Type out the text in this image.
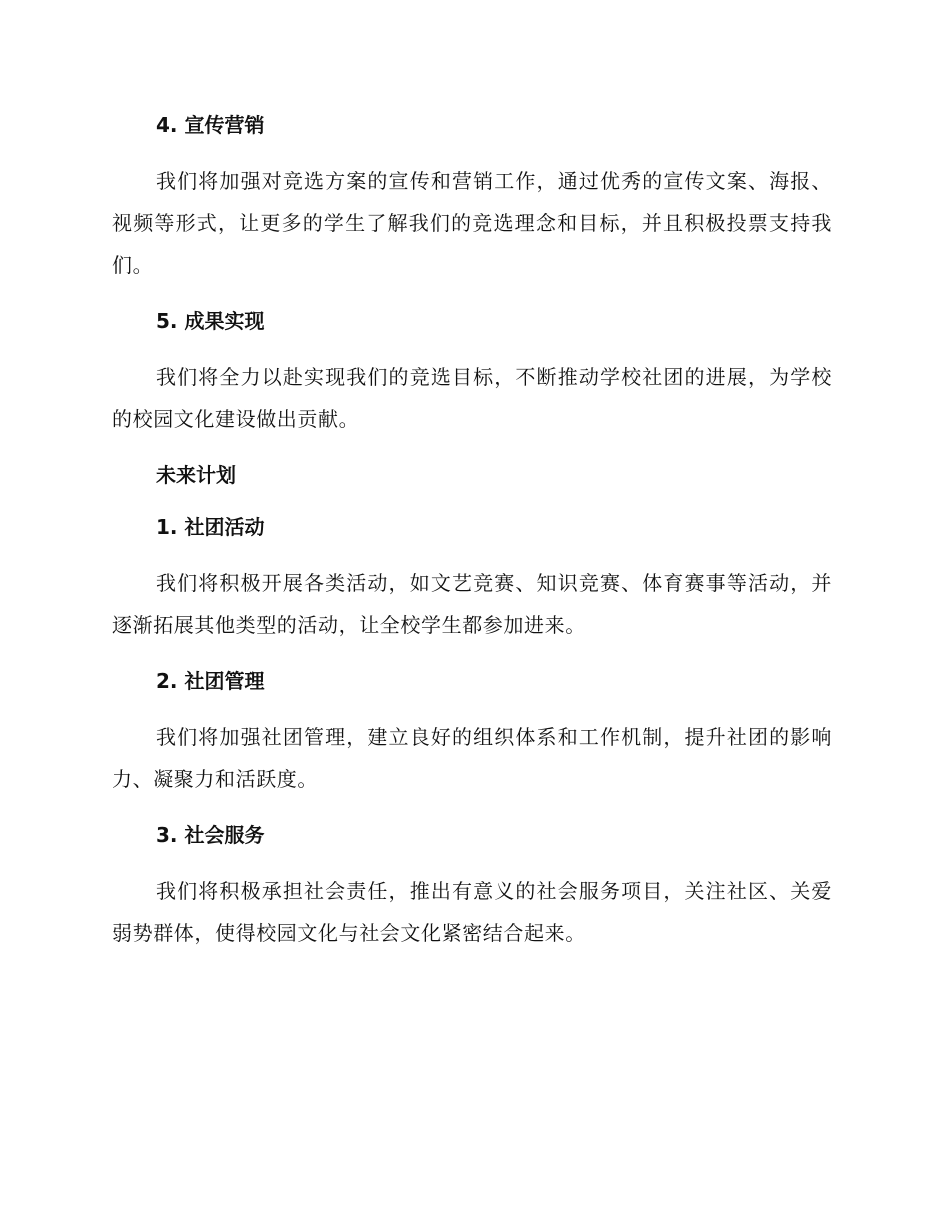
4. 宣传营销

我们将加强对竞选方案的宣传和营销工作，通过优秀的宣传文案、海报、视频等形式，让更多的学生了解我们的竞选理念和目标，并且积极投票支持我们。

5. 成果实现

我们将全力以赴实现我们的竞选目标，不断推动学校社团的进展，为学校的校园文化建设做出贡献。

未来计划
1. 社团活动

我们将积极开展各类活动，如文艺竞赛、知识竞赛、体育赛事等活动，并逐渐拓展其他类型的活动，让全校学生都参加进来。

2. 社团管理

我们将加强社团管理，建立良好的组织体系和工作机制，提升社团的影响力、凝聚力和活跃度。

3. 社会服务

我们将积极承担社会责任，推出有意义的社会服务项目，关注社区、关爱弱势群体，使得校园文化与社会文化紧密结合起来。
